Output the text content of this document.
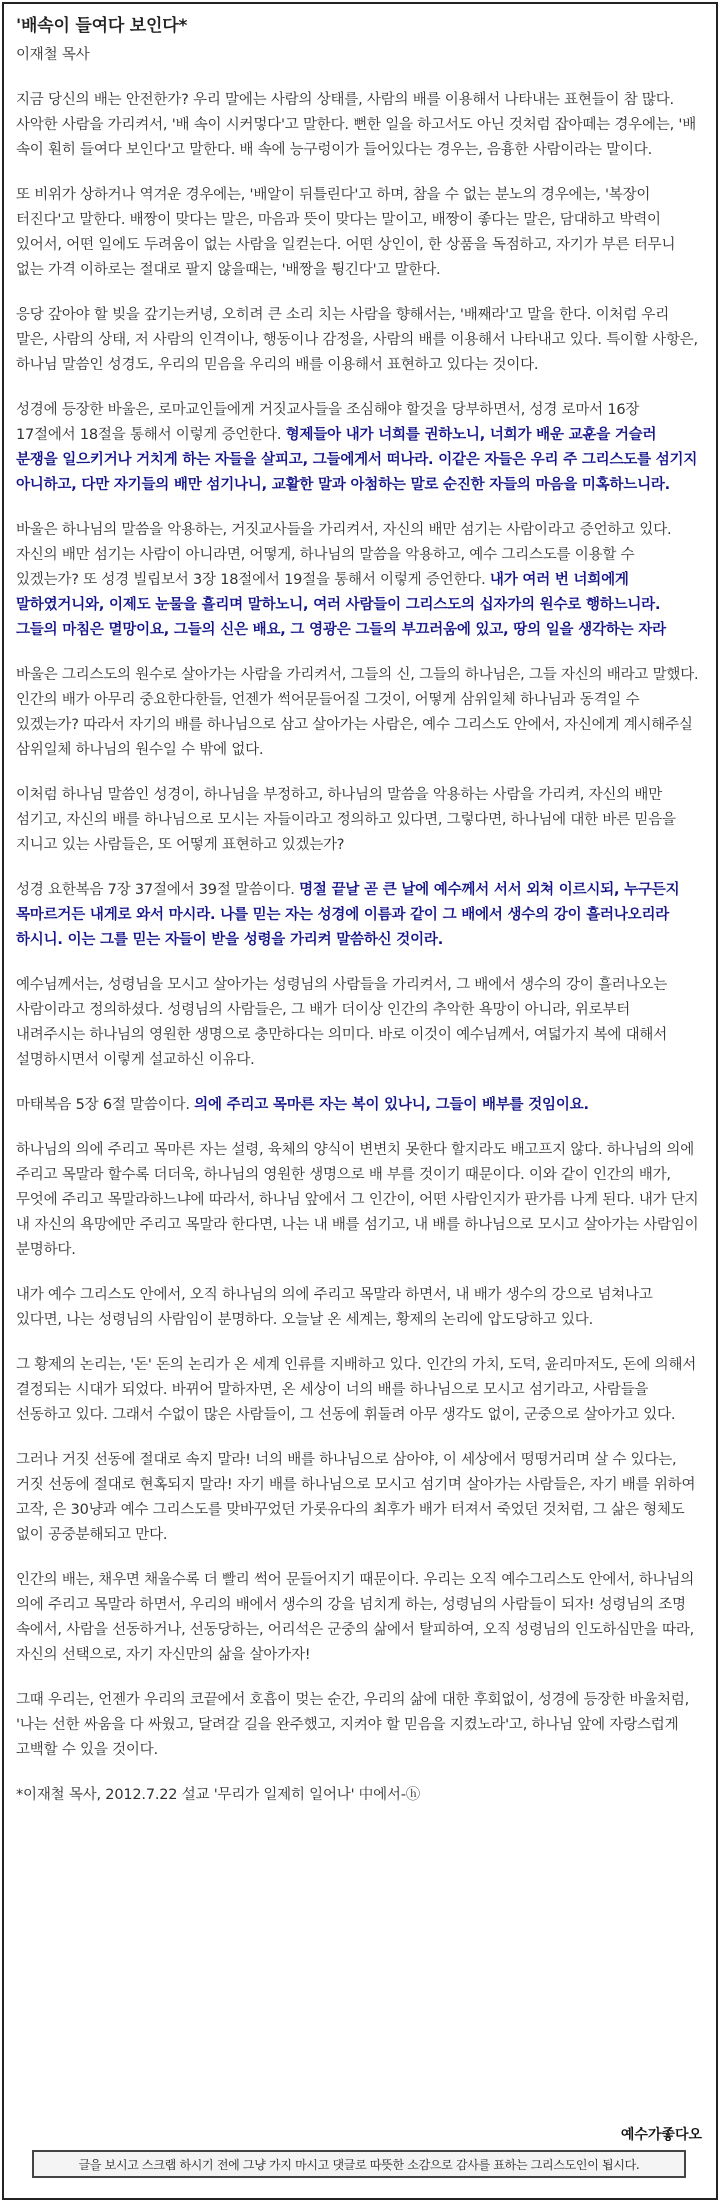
'배속이 들여다 보인다*

이재철 목사

지금 당신의 배는 안전한가? 우리 말에는 사람의 상태를, 사람의 배를 이용해서 나타내는 표현들이 참 많다. 사악한 사람을 가리켜서, '배 속이 시커멓다'고 말한다. 뻔한 일을 하고서도 아닌 것처럼 잡아떼는 경우에는, '배 속이 훤히 들여다 보인다'고 말한다. 배 속에 능구렁이가 들어있다는 경우는, 음흉한 사람이라는 말이다.

또 비위가 상하거나 역겨운 경우에는, '배알이 뒤틀린다'고 하며, 참을 수 없는 분노의 경우에는, '복장이 터진다'고 말한다. 배짱이 맞다는 말은, 마음과 뜻이 맞다는 말이고, 배짱이 좋다는 말은, 담대하고 박력이 있어서, 어떤 일에도 두려움이 없는 사람을 일컫는다. 어떤 상인이, 한 상품을 독점하고, 자기가 부른 터무니 없는 가격 이하로는 절대로 팔지 않을때는, '배짱을 튕긴다'고 말한다.

응당 갚아야 할 빚을 갚기는커녕, 오히려 큰 소리 치는 사람을 향해서는, '배째라'고 말을 한다. 이처럼 우리 말은, 사람의 상태, 저 사람의 인격이나, 행동이나 감정을, 사람의 배를 이용해서 나타내고 있다. 특이할 사항은, 하나님 말씀인 성경도, 우리의 믿음을 우리의 배를 이용해서 표현하고 있다는 것이다.

성경에 등장한 바울은, 로마교인들에게 거짓교사들을 조심해야 할것을 당부하면서, 성경 로마서 16장 17절에서 18절을 통해서 이렇게 증언한다. 형제들아 내가 너희를 권하노니, 너희가 배운 교훈을 거슬러 분쟁을 일으키거나 거치게 하는 자들을 살피고, 그들에게서 떠나라. 이같은 자들은 우리 주 그리스도를 섬기지 아니하고, 다만 자기들의 배만 섬기나니, 교활한 말과 아첨하는 말로 순진한 자들의 마음을 미혹하느니라.

바울은 하나님의 말씀을 악용하는, 거짓교사들을 가리켜서, 자신의 배만 섬기는 사람이라고 증언하고 있다. 자신의 배만 섬기는 사람이 아니라면, 어떻게, 하나님의 말씀을 악용하고, 예수 그리스도를 이용할 수 있겠는가? 또 성경 빌립보서 3장 18절에서 19절을 통해서 이렇게 증언한다. 내가 여러 번 너희에게 말하였거니와, 이제도 눈물을 흘리며 말하노니, 여러 사람들이 그리스도의 십자가의 원수로 행하느니라. 그들의 마침은 멸망이요, 그들의 신은 배요, 그 영광은 그들의 부끄러움에 있고, 땅의 일을 생각하는 자라

바울은 그리스도의 원수로 살아가는 사람을 가리켜서, 그들의 신, 그들의 하나님은, 그들 자신의 배라고 말했다. 인간의 배가 아무리 중요한다한들, 언젠가 썩어문들어질 그것이, 어떻게 삼위일체 하나님과 동격일 수 있겠는가? 따라서 자기의 배를 하나님으로 삼고 살아가는 사람은, 예수 그리스도 안에서, 자신에게 계시해주실 삼위일체 하나님의 원수일 수 밖에 없다.

이처럼 하나님 말씀인 성경이, 하나님을 부정하고, 하나님의 말씀을 악용하는 사람을 가리켜, 자신의 배만 섬기고, 자신의 배를 하나님으로 모시는 자들이라고 정의하고 있다면, 그렇다면, 하나님에 대한 바른 믿음을 지니고 있는 사람들은, 또 어떻게 표현하고 있겠는가?

성경 요한복음 7장 37절에서 39절 말씀이다. 명절 끝날 곧 큰 날에 예수께서 서서 외쳐 이르시되, 누구든지 목마르거든 내게로 와서 마시라. 나를 믿는 자는 성경에 이름과 같이 그 배에서 생수의 강이 흘러나오리라 하시니. 이는 그를 믿는 자들이 받을 성령을 가리켜 말씀하신 것이라.

예수님께서는, 성령님을 모시고 살아가는 성령님의 사람들을 가리켜서, 그 배에서 생수의 강이 흘러나오는 사람이라고 정의하셨다. 성령님의 사람들은, 그 배가 더이상 인간의 추악한 욕망이 아니라, 위로부터 내려주시는 하나님의 영원한 생명으로 충만하다는 의미다. 바로 이것이 예수님께서, 여덟가지 복에 대해서 설명하시면서 이렇게 설교하신 이유다.

마태복음 5장 6절 말씀이다. 의에 주리고 목마른 자는 복이 있나니, 그들이 배부를 것임이요.

하나님의 의에 주리고 목마른 자는 설령, 육체의 양식이 변변치 못한다 할지라도 배고프지 않다. 하나님의 의에 주리고 목말라 할수록 더더욱, 하나님의 영원한 생명으로 배 부를 것이기 때문이다. 이와 같이 인간의 배가, 무엇에 주리고 목말라하느냐에 따라서, 하나님 앞에서 그 인간이, 어떤 사람인지가 판가름 나게 된다. 내가 단지 내 자신의 욕망에만 주리고 목말라 한다면, 나는 내 배를 섬기고, 내 배를 하나님으로 모시고 살아가는 사람임이 분명하다.

내가 예수 그리스도 안에서, 오직 하나님의 의에 주리고 목말라 하면서, 내 배가 생수의 강으로 넘쳐나고 있다면, 나는 성령님의 사람임이 분명하다. 오늘날 온 세계는, 황제의 논리에 압도당하고 있다.

그 황제의 논리는, '돈' 돈의 논리가 온 세계 인류를 지배하고 있다. 인간의 가치, 도덕, 윤리마저도, 돈에 의해서 결정되는 시대가 되었다. 바뀌어 말하자면, 온 세상이 너의 배를 하나님으로 모시고 섬기라고, 사람들을 선동하고 있다. 그래서 수없이 많은 사람들이, 그 선동에 휘둘려 아무 생각도 없이, 군중으로 살아가고 있다.

그러나 거짓 선동에 절대로 속지 말라! 너의 배를 하나님으로 삼아야, 이 세상에서 떵떵거리며 살 수 있다는, 거짓 선동에 절대로 현혹되지 말라! 자기 배를 하나님으로 모시고 섬기며 살아가는 사람들은, 자기 배를 위하여 고작, 은 30냥과 예수 그리스도를 맞바꾸었던 가롯유다의 최후가 배가 터져서 죽었던 것처럼, 그 삶은 형체도 없이 공중분해되고 만다.

인간의 배는, 채우면 채울수록 더 빨리 썩어 문들어지기 때문이다. 우리는 오직 예수그리스도 안에서, 하나님의 의에 주리고 목말라 하면서, 우리의 배에서 생수의 강을 넘치게 하는, 성령님의 사람들이 되자! 성령님의 조명 속에서, 사람을 선동하거나, 선동당하는, 어리석은 군중의 삶에서 탈피하여, 오직 성령님의 인도하심만을 따라, 자신의 선택으로, 자기 자신만의 삶을 살아가자!

그때 우리는, 언젠가 우리의 코끝에서 호흡이 멎는 순간, 우리의 삶에 대한 후회없이, 성경에 등장한 바울처럼, '나는 선한 싸움을 다 싸웠고, 달려갈 길을 완주했고, 지켜야 할 믿음을 지켰노라'고, 하나님 앞에 자랑스럽게 고백할 수 있을 것이다.

*이재철 목사, 2012.7.22 설교 '무리가 일제히 일어나' 中에서-ⓗ

예수가좋다오
글을 보시고 스크랩 하시기 전에 그냥 가지 마시고 댓글로 따뜻한 소감으로 감사를 표하는 그리스도인이 됩시다.
